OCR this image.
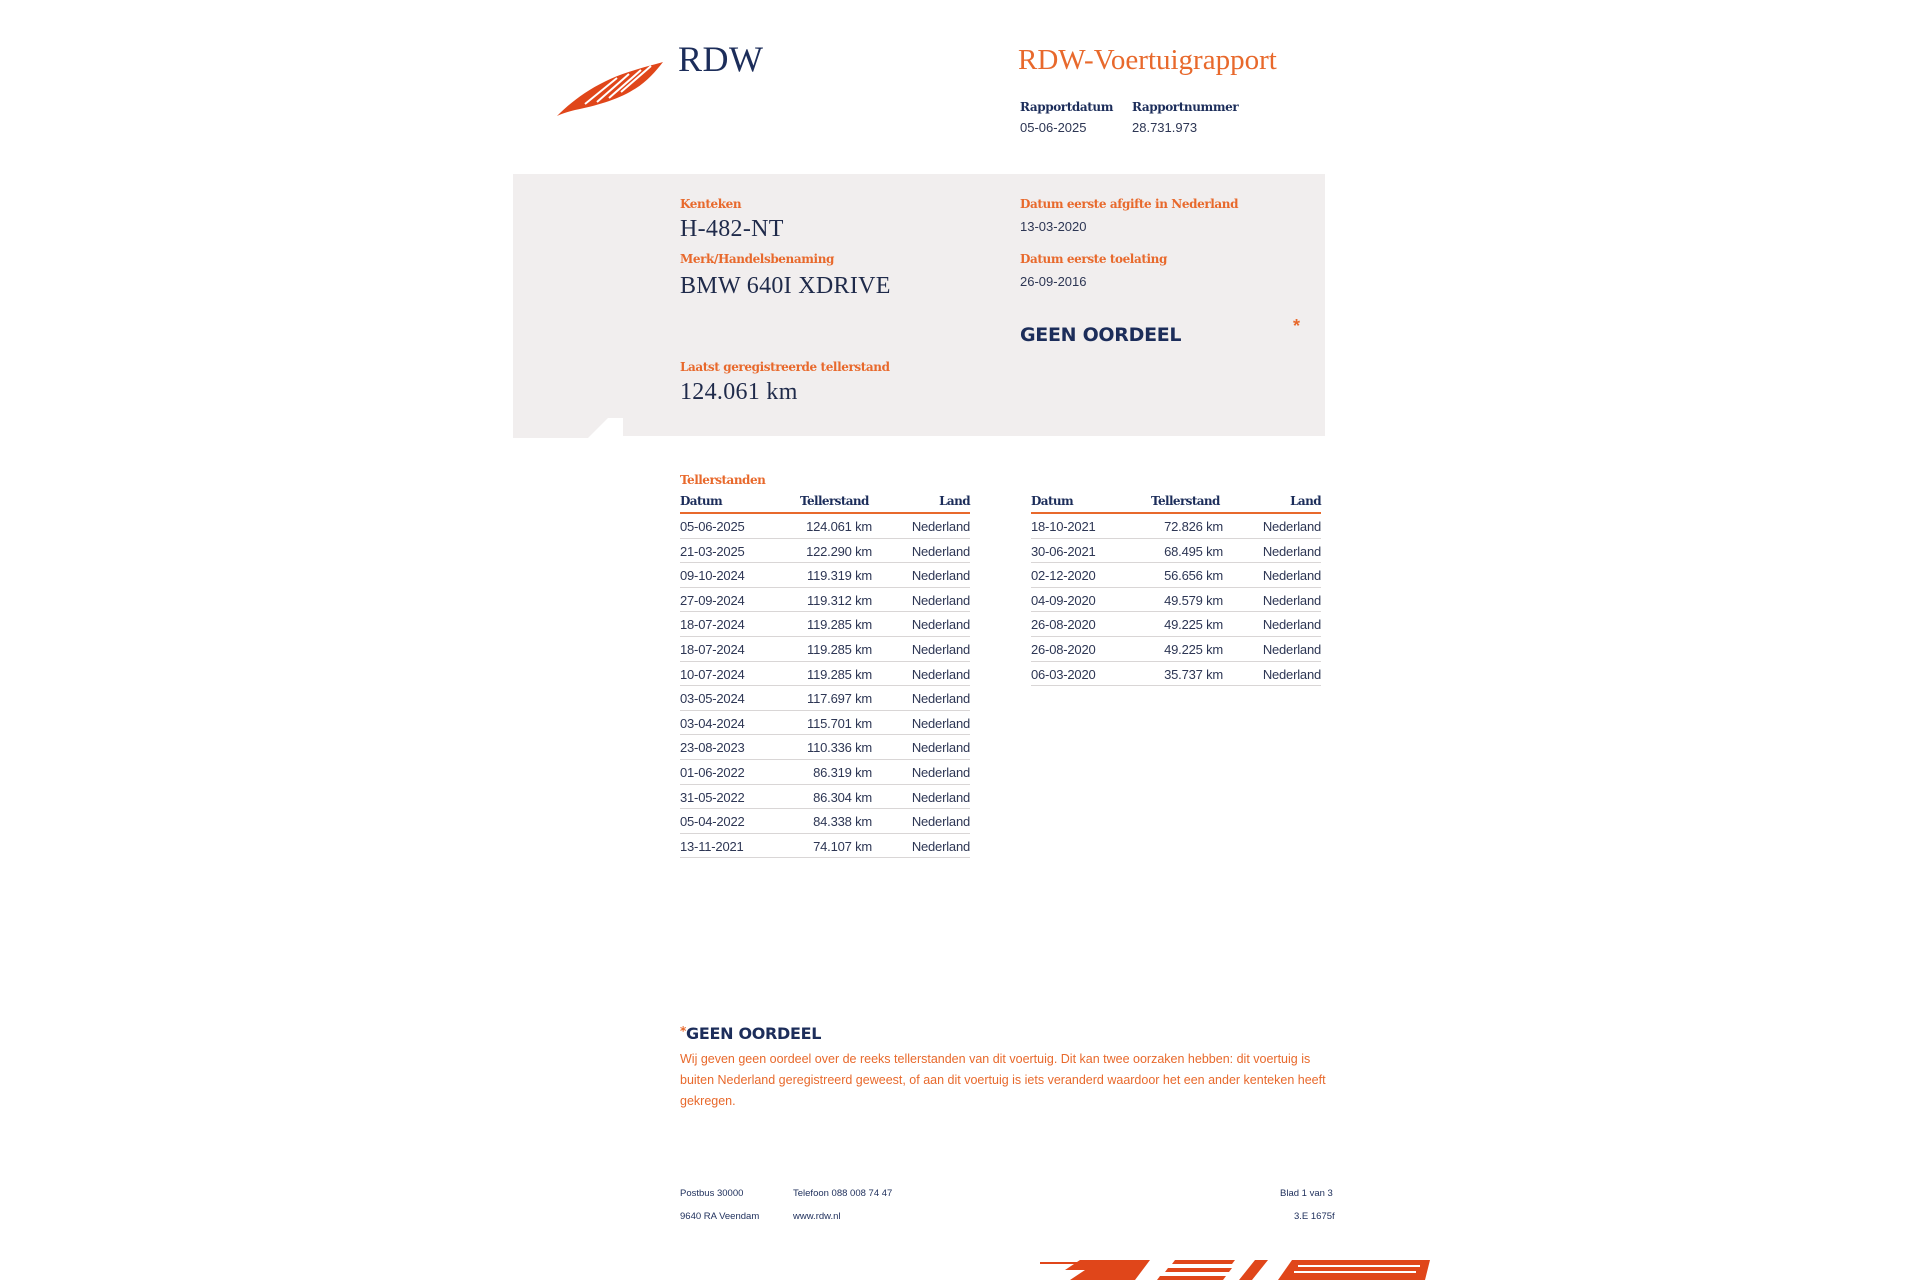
RDW	RDW-Voertuigrapport
Rapportdatum
05-06-2025
Rapportnummer
28.731.973
Kenteken
H-482-NT
Merk/Handelsbenaming
BMW 640I XDRIVE
Laatst geregistreerde tellerstand
124.061 km
Datum eerste afgifte in Nederland
13-03-2020
Datum eerste toelating
26-09-2016
GEEN OORDEEL	*
Tellerstanden
Datum	Tellerstand	Land
05-06-2025	124.061 km	Nederland
21-03-2025	122.290 km	Nederland
09-10-2024	119.319 km	Nederland
27-09-2024	119.312 km	Nederland
18-07-2024	119.285 km	Nederland
18-07-2024	119.285 km	Nederland
10-07-2024	119.285 km	Nederland
03-05-2024	117.697 km	Nederland
03-04-2024	115.701 km	Nederland
23-08-2023	110.336 km	Nederland
01-06-2022	86.319 km	Nederland
31-05-2022	86.304 km	Nederland
05-04-2022	84.338 km	Nederland
13-11-2021	74.107 km	Nederland
Datum	Tellerstand	Land
18-10-2021	72.826 km	Nederland
30-06-2021	68.495 km	Nederland
02-12-2020	56.656 km	Nederland
04-09-2020	49.579 km	Nederland
26-08-2020	49.225 km	Nederland
26-08-2020	49.225 km	Nederland
06-03-2020	35.737 km	Nederland
*GEEN OORDEEL
Wij geven geen oordeel over de reeks tellerstanden van dit voertuig. Dit kan twee oorzaken hebben: dit voertuig is buiten Nederland geregistreerd geweest, of aan dit voertuig is iets veranderd waardoor het een ander kenteken heeft gekregen.
Postbus 30000
9640 RA Veendam
Telefoon 088 008 74 47
www.rdw.nl
Blad 1 van 3
3.E 1675f
